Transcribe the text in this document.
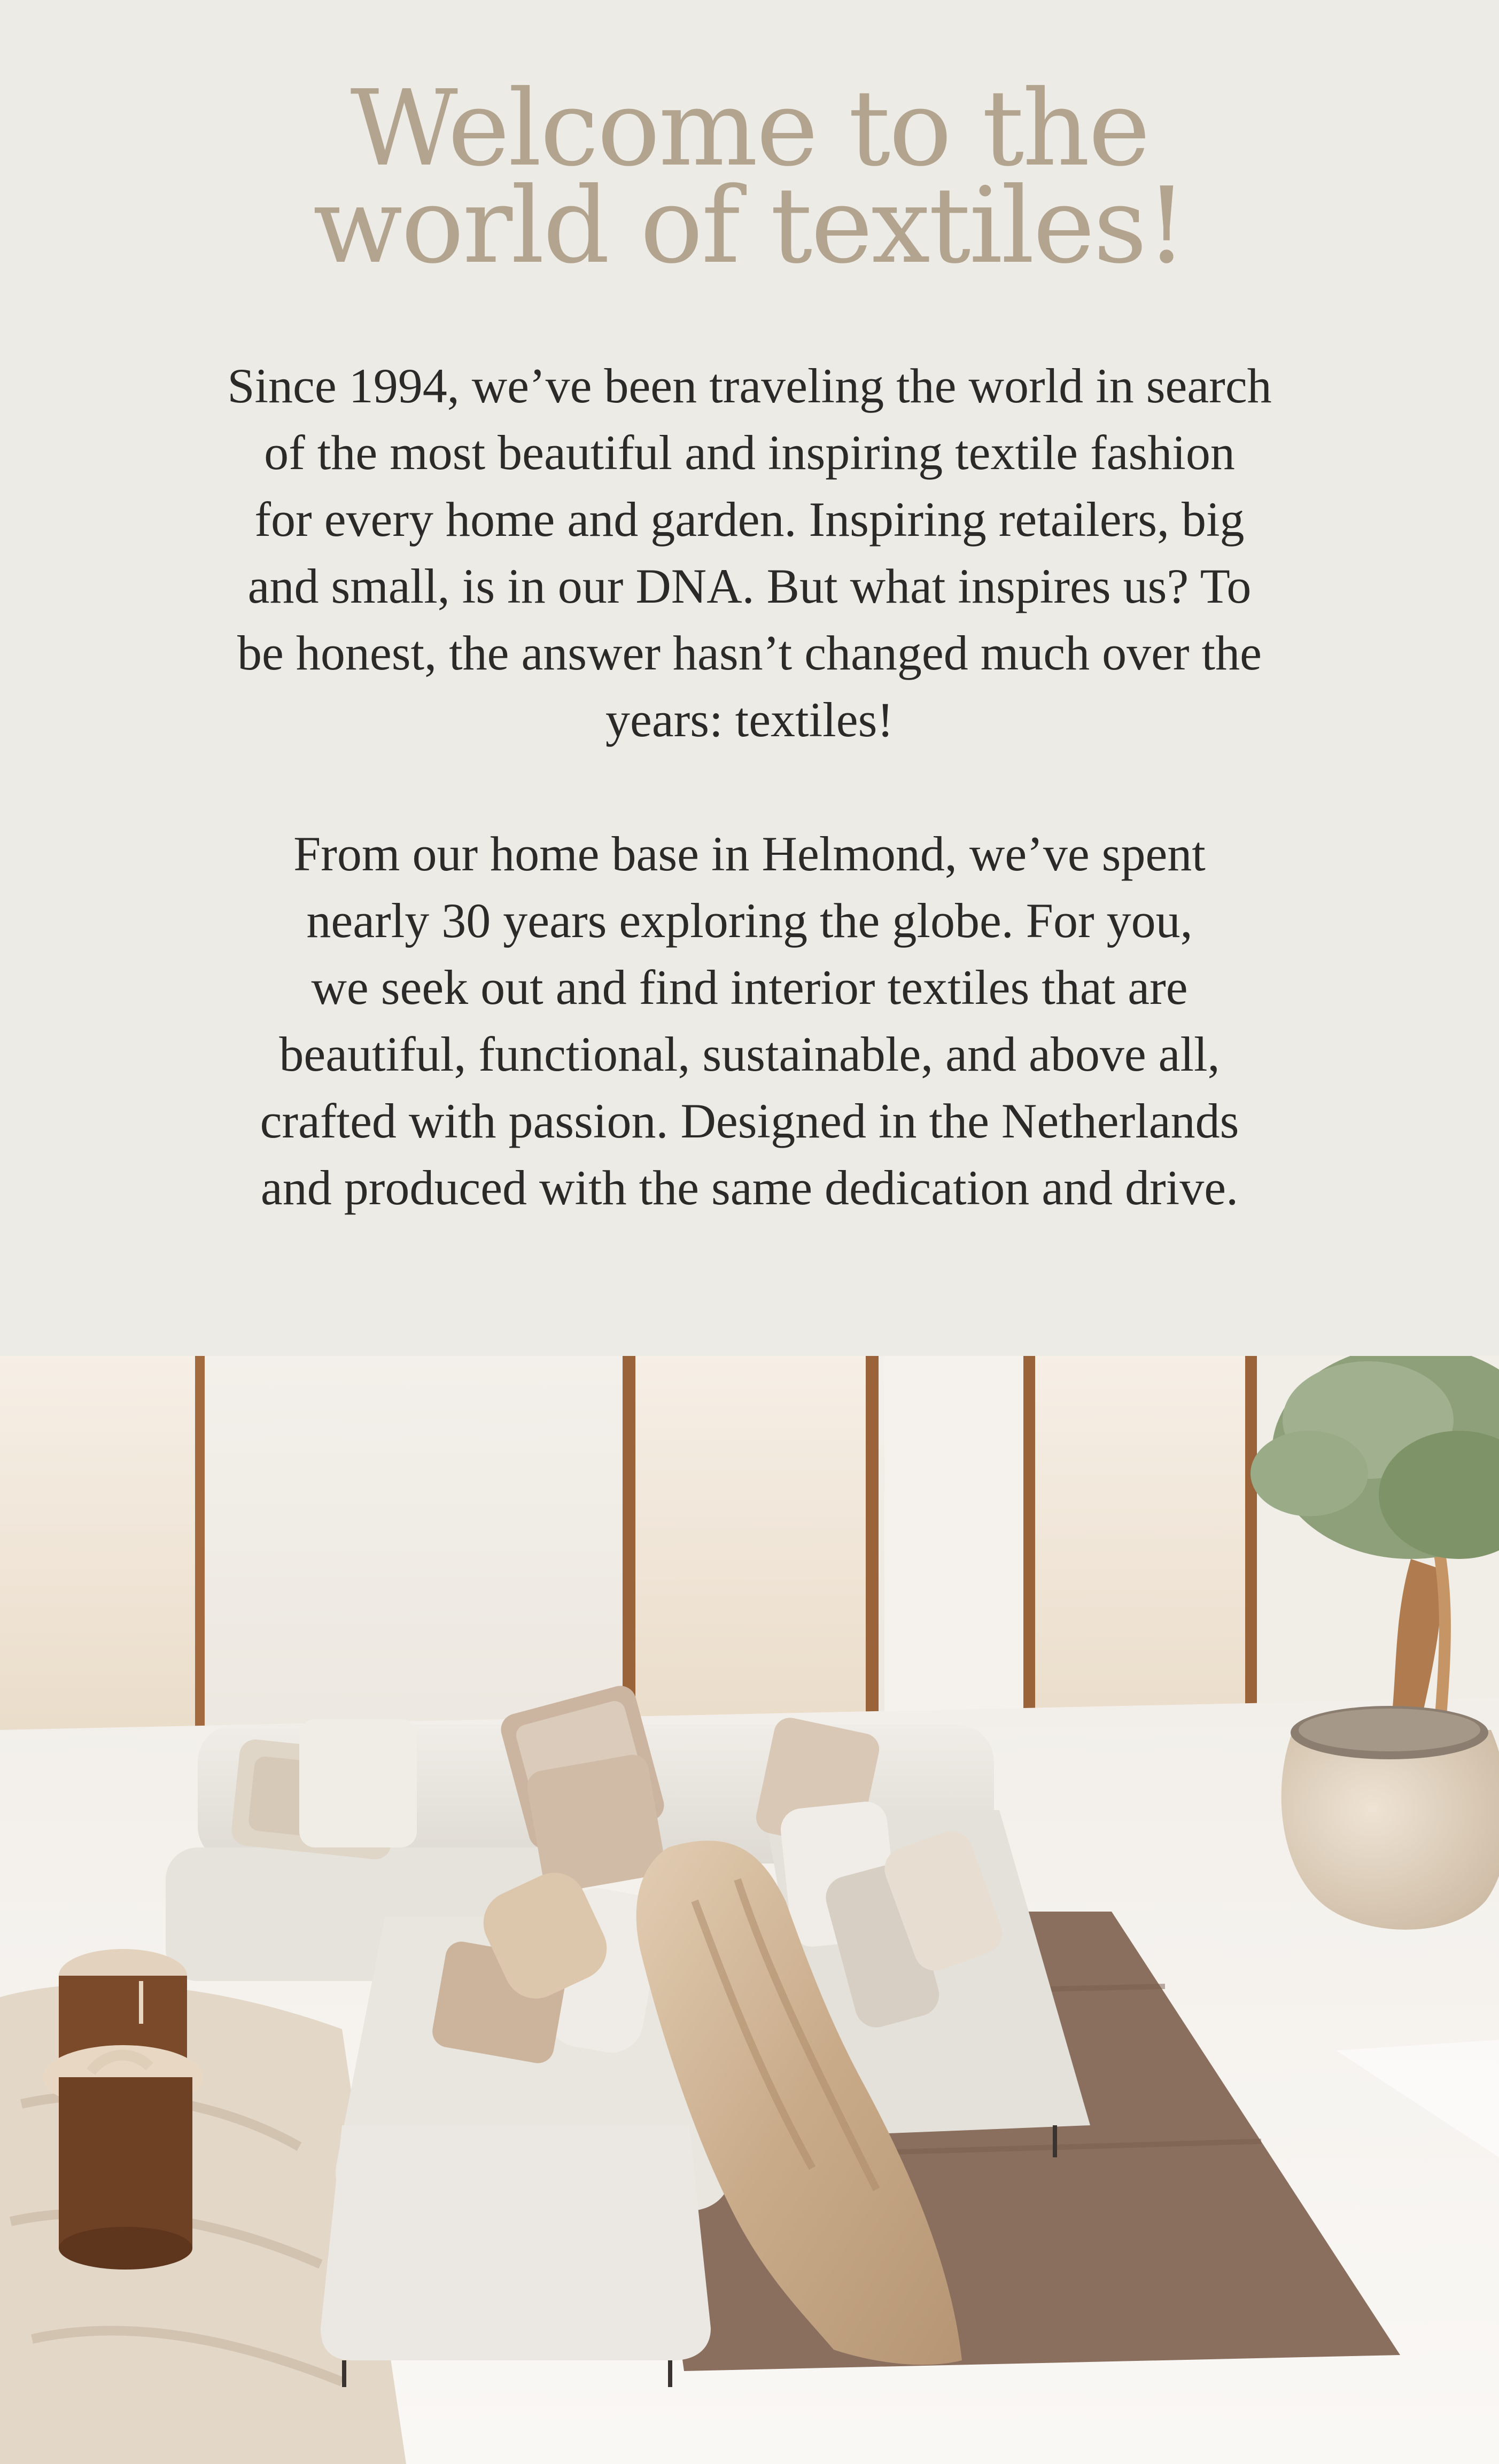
Welcome to the
world of textiles!

Since 1994, we’ve been traveling the world in search
of the most beautiful and inspiring textile fashion
for every home and garden. Inspiring retailers, big
and small, is in our DNA. But what inspires us? To
be honest, the answer hasn’t changed much over the
years: textiles!

From our home base in Helmond, we’ve spent
nearly 30 years exploring the globe. For you,
we seek out and find interior textiles that are
beautiful, functional, sustainable, and above all,
crafted with passion. Designed in the Netherlands
and produced with the same dedication and drive.
